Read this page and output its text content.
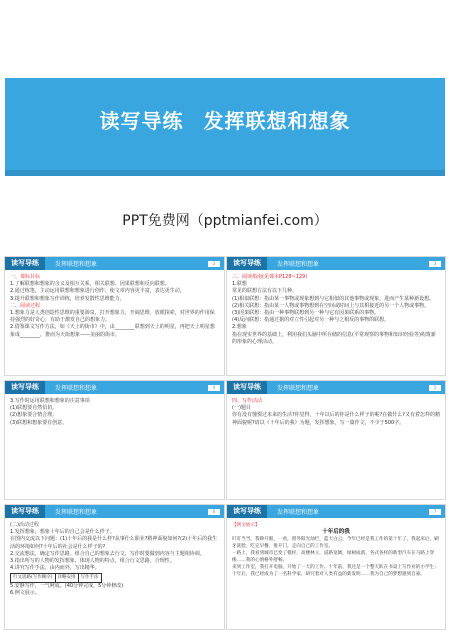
读写导练 发挥联想和想象
PPT免费网（pptmianfei.com）
读写导练	发挥联想和想象	2
一、课标目标
1.了解联想和想象的含义及相互关系，相关联想、因果联想和反向联想。
2.通过练笔，主动运用联想和想象进行创作，使文章内容更丰富，表达更生动。
3.提升联想和想象写作训练，培养发散性思维能力。
二、阅读过程
1.想象力是人类创造性思维的重要源泉，打开想象力，开阔思维，放眼探索，对世界的作用保持强烈的好奇心，有助于激发自己的想象力。
2.借鉴课文写作方法，如《天上的街市》中，由________联想到天上的明星，再把天上明星想象成________，推而为天街想象——美丽的街市。
读写导练	发挥联想和想象	3
三、阅读指南(见课本P128~129)
1.联想
常见的联想方法有以下几种。
(1)相似联想：指由某一事物或现象想到与它相似的其他事物或现象，进而产生某种新设想。
(2)相关联想：指由某一人物或事物想到在空间或时间上与其相接近的另一个人物或事物。
(3)因果联想：指由一种事物联想到另一种与它有因果联系的事物。
(4)反向联想：指通过据的对立性引起对另一种与之相反的事物的联想。
2.想象
指在现实世界的基础上，利用我们头脑中所存储的信息(平常观察的事物和知识经验等)构筑新的形象的心理活动。
读写导练	发挥联想和想象	4
3.写作时运用联想和想象的注意事项
(1)联想要自然恰切。
(2)想象要合情合理。
(3)联想和想象要有创意。
读写导练	发挥联想和想象	5
四、写作活动
(一)题目
你有没有憧憬过未来的生活?你觉得，十年以后的你是什么样子的呢?在做什么?又有着怎样的精神面貌呢?请以《十年后的我》为题，发挥想象，写一篇作文，不少于500字。
读写导练	发挥联想和想象	6
(二)活动过程
1.发挥想象，想象十年后的自己会是什么样子。
在图内交流以下问题：(1)十年后的我是什么样?从事什么职业?精神面貌如何?(2)十年后的我生活的环境如何?十年后的社会是什么样子的?
2.交流想法，确定写作思路。组合自己的想象去行文，写作时要做到内容与主题相协调。
3.指出所写的人物的发挥想象，体现人物的特点，组合行文思路，合理性。
4.讲究写作手法，由内而外，写出精华。
行文思路(写作顺序)	详略安排	写作手法
5.安静写作，一气呵成。(40分钟完成，5分钟修改)
6.例文展示。
读写导练	发挥联想和想象	7
【例文展示】
十年后的我
叮叮当当，我睁开眼，一看，窗外阳光灿烂，蓝天白云，今年已经是我工作的第十年了。我起床后，刷牙洗脸，吃完早餐，推开门，走向自己的工作室。
一路上，我看到城市已变了模样，高楼林立，道路宽阔，绿树成荫，各式各样的新型汽车在马路上穿梭……我的心情格外舒畅。
来到工作室，我打开电脑，开始了一天的工作。十年前，我还是一个整天趴在书桌上写作业的小学生；十年后，我已经成为了一名科学家，研究着对人类有益的新发明……我为自己的梦想感到自豪。
